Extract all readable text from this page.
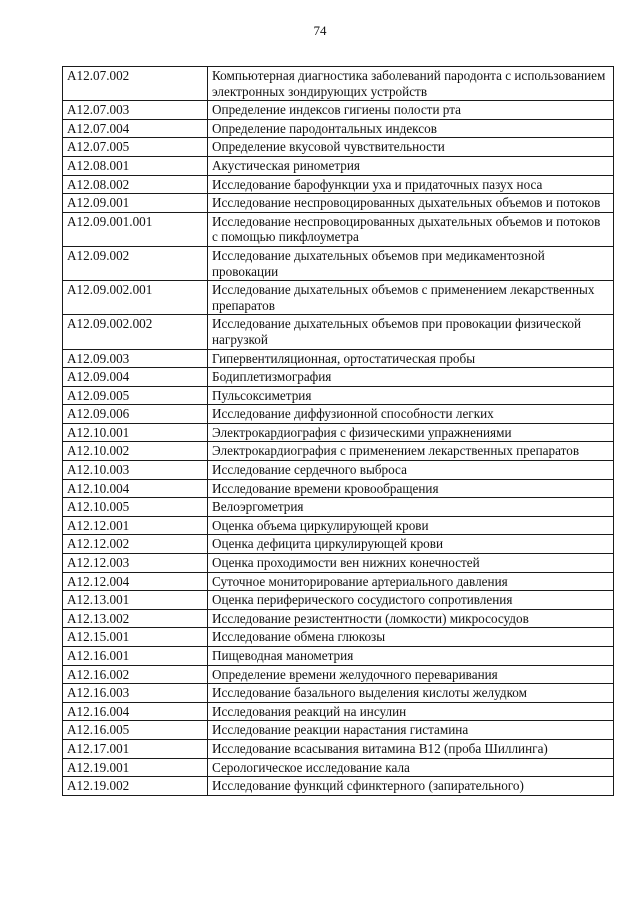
74
A12.07.002	Компьютерная диагностика заболеваний пародонта с использованием электронных зондирующих устройств
A12.07.003	Определение индексов гигиены полости рта
A12.07.004	Определение пародонтальных индексов
A12.07.005	Определение вкусовой чувствительности
A12.08.001	Акустическая ринометрия
A12.08.002	Исследование барофункции уха и придаточных пазух носа
A12.09.001	Исследование неспровоцированных дыхательных объемов и потоков
A12.09.001.001	Исследование неспровоцированных дыхательных объемов и потоков с помощью пикфлоуметра
A12.09.002	Исследование дыхательных объемов при медикаментозной провокации
A12.09.002.001	Исследование дыхательных объемов с применением лекарственных препаратов
A12.09.002.002	Исследование дыхательных объемов при провокации физической нагрузкой
A12.09.003	Гипервентиляционная, ортостатическая пробы
A12.09.004	Бодиплетизмография
A12.09.005	Пульсоксиметрия
A12.09.006	Исследование диффузионной способности легких
A12.10.001	Электрокардиография с физическими упражнениями
A12.10.002	Электрокардиография с применением лекарственных препаратов
A12.10.003	Исследование сердечного выброса
A12.10.004	Исследование времени кровообращения
A12.10.005	Велоэргометрия
A12.12.001	Оценка объема циркулирующей крови
A12.12.002	Оценка дефицита циркулирующей крови
A12.12.003	Оценка проходимости вен нижних конечностей
A12.12.004	Суточное мониторирование артериального давления
A12.13.001	Оценка периферического сосудистого сопротивления
A12.13.002	Исследование резистентности (ломкости) микрососудов
A12.15.001	Исследование обмена глюкозы
A12.16.001	Пищеводная манометрия
A12.16.002	Определение времени желудочного переваривания
A12.16.003	Исследование базального выделения кислоты желудком
A12.16.004	Исследования реакций на инсулин
A12.16.005	Исследование реакции нарастания гистамина
A12.17.001	Исследование всасывания витамина В12 (проба Шиллинга)
A12.19.001	Серологическое исследование кала
A12.19.002	Исследование функций сфинктерного (запирательного)
